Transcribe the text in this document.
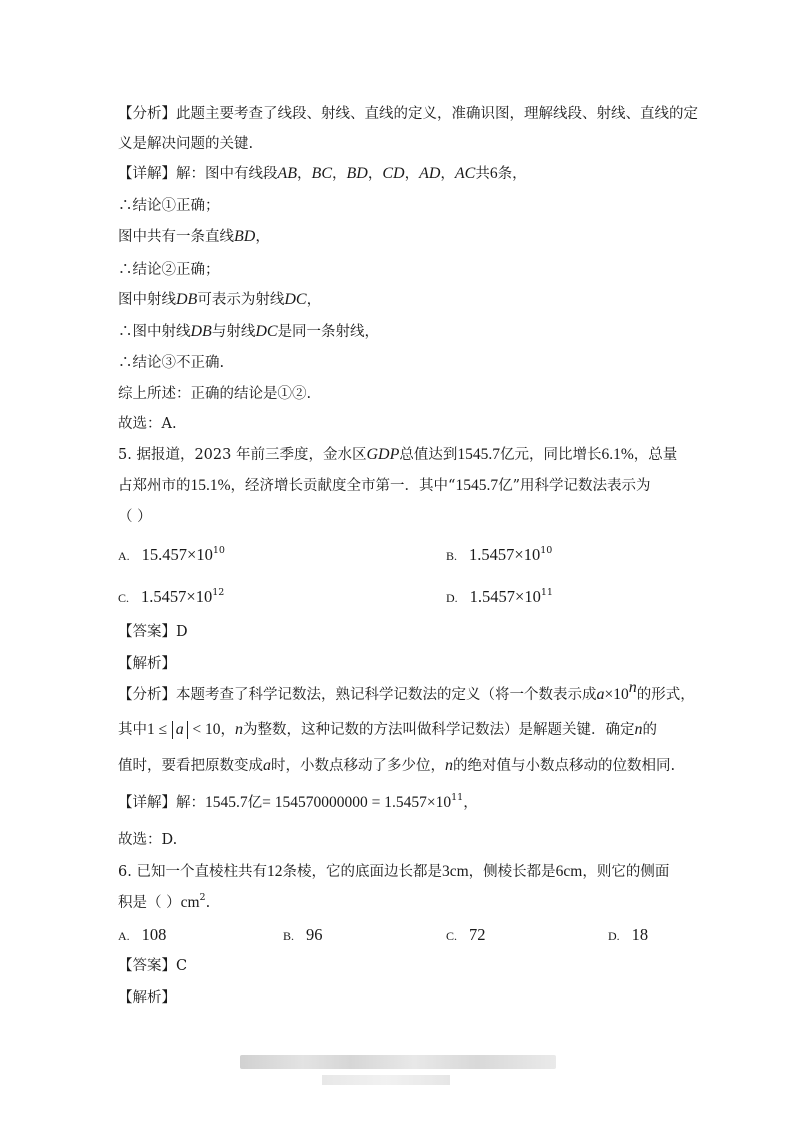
【分析】此题主要考查了线段、射线、直线的定义，准确识图，理解线段、射线、直线的定
义是解决问题的关键.
【详解】解：图中有线段AB，BC，BD，CD，AD，AC共6条，
∴结论①正确；
图中共有一条直线BD，
∴结论②正确；
图中射线DB可表示为射线DC，
∴图中射线DB与射线DC是同一条射线，
∴结论③不正确.
综上所述：正确的结论是①②.
故选：A.
5. 据报道，2023 年前三季度，金水区GDP总值达到1545.7亿元，同比增长6.1%，总量
占郑州市的15.1%，经济增长贡献度全市第一．其中“1545.7亿”用科学记数法表示为
（ ）
A. $15.457\times 10^{10}$	B. $1.5457\times 10^{10}$
C. $1.5457\times 10^{12}$	D. $1.5457\times 10^{11}$
【答案】D
【解析】
【分析】本题考查了科学记数法，熟记科学记数法的定义（将一个数表示成$a\times 10^n$的形式，
其中1 ≤ a < 10，n为整数，这种记数的方法叫做科学记数法）是解题关键．确定n的
值时，要看把原数变成a时，小数点移动了多少位，n的绝对值与小数点移动的位数相同.
【详解】解：1545.7亿= $154570000000 = 1.5457\times 10^{11}$，
故选：D.
6. 已知一个直棱柱共有12条棱，它的底面边长都是3cm，侧棱长都是6cm，则它的侧面
积是（ ）$cm^2$.
A. 108	B. 96	C. 72	D. 18
【答案】C
【解析】
